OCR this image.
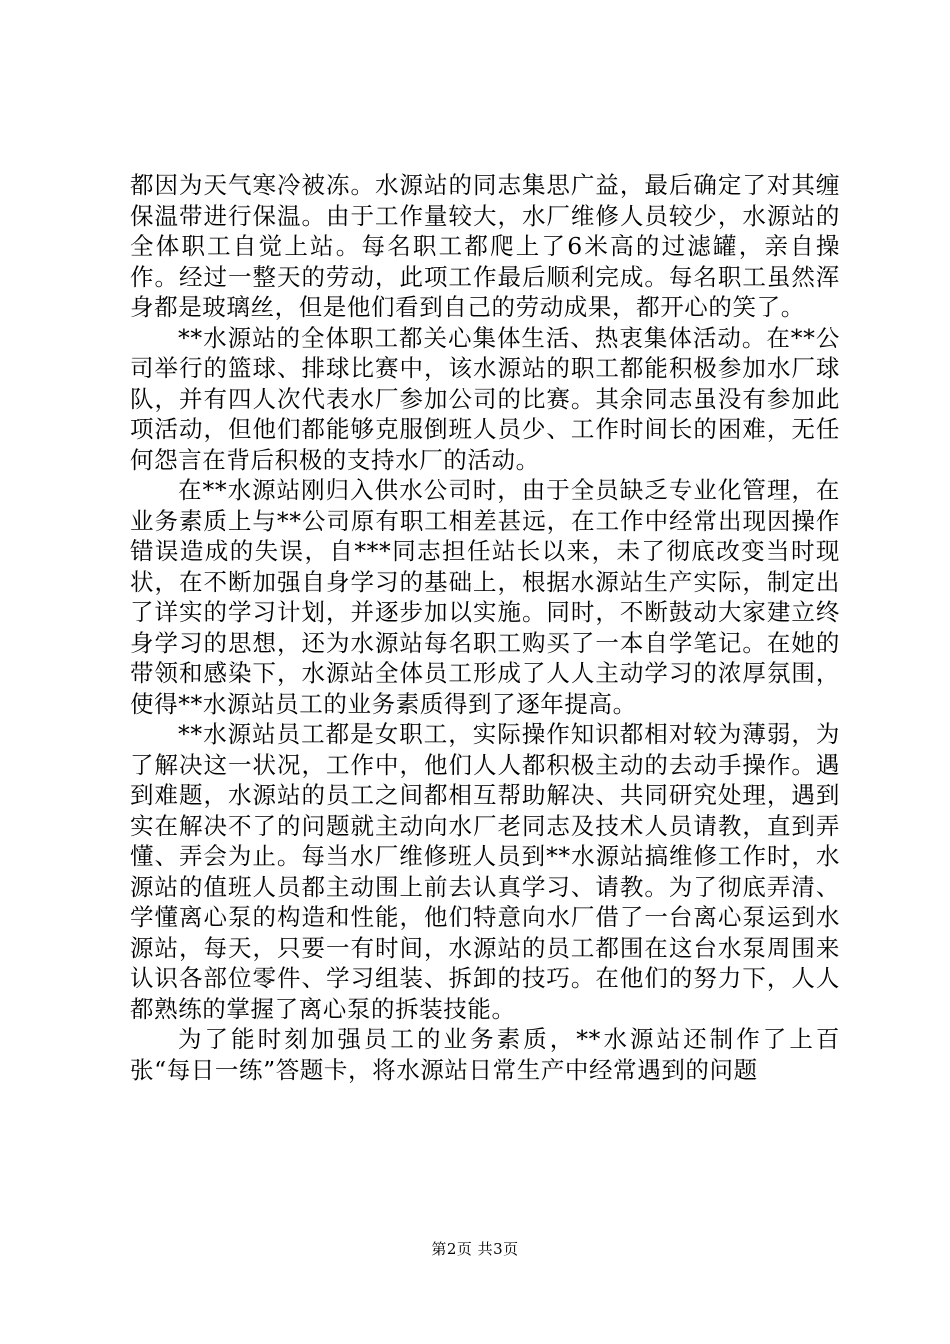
都因为天气寒冷被冻。水源站的同志集思广益，最后确定了对其缠保温带进行保温。由于工作量较大，水厂维修人员较少，水源站的全体职工自觉上站。每名职工都爬上了6米高的过滤罐，亲自操作。经过一整天的劳动，此项工作最后顺利完成。每名职工虽然浑身都是玻璃丝，但是他们看到自己的劳动成果，都开心的笑了。

**水源站的全体职工都关心集体生活、热衷集体活动。在**公司举行的篮球、排球比赛中，该水源站的职工都能积极参加水厂球队，并有四人次代表水厂参加公司的比赛。其余同志虽没有参加此项活动，但他们都能够克服倒班人员少、工作时间长的困难，无任何怨言在背后积极的支持水厂的活动。

在**水源站刚归入供水公司时，由于全员缺乏专业化管理，在业务素质上与**公司原有职工相差甚远，在工作中经常出现因操作错误造成的失误，自***同志担任站长以来，未了彻底改变当时现状，在不断加强自身学习的基础上，根据水源站生产实际，制定出了详实的学习计划，并逐步加以实施。同时，不断鼓动大家建立终身学习的思想，还为水源站每名职工购买了一本自学笔记。在她的带领和感染下，水源站全体员工形成了人人主动学习的浓厚氛围，使得**水源站员工的业务素质得到了逐年提高。

**水源站员工都是女职工，实际操作知识都相对较为薄弱，为了解决这一状况，工作中，他们人人都积极主动的去动手操作。遇到难题，水源站的员工之间都相互帮助解决、共同研究处理，遇到实在解决不了的问题就主动向水厂老同志及技术人员请教，直到弄懂、弄会为止。每当水厂维修班人员到**水源站搞维修工作时，水源站的值班人员都主动围上前去认真学习、请教。为了彻底弄清、学懂离心泵的构造和性能，他们特意向水厂借了一台离心泵运到水源站，每天，只要一有时间，水源站的员工都围在这台水泵周围来认识各部位零件、学习组装、拆卸的技巧。在他们的努力下，人人都熟练的掌握了离心泵的拆装技能。

为了能时刻加强员工的业务素质，**水源站还制作了上百张“每日一练”答题卡，将水源站日常生产中经常遇到的问题

第2页 共3页
